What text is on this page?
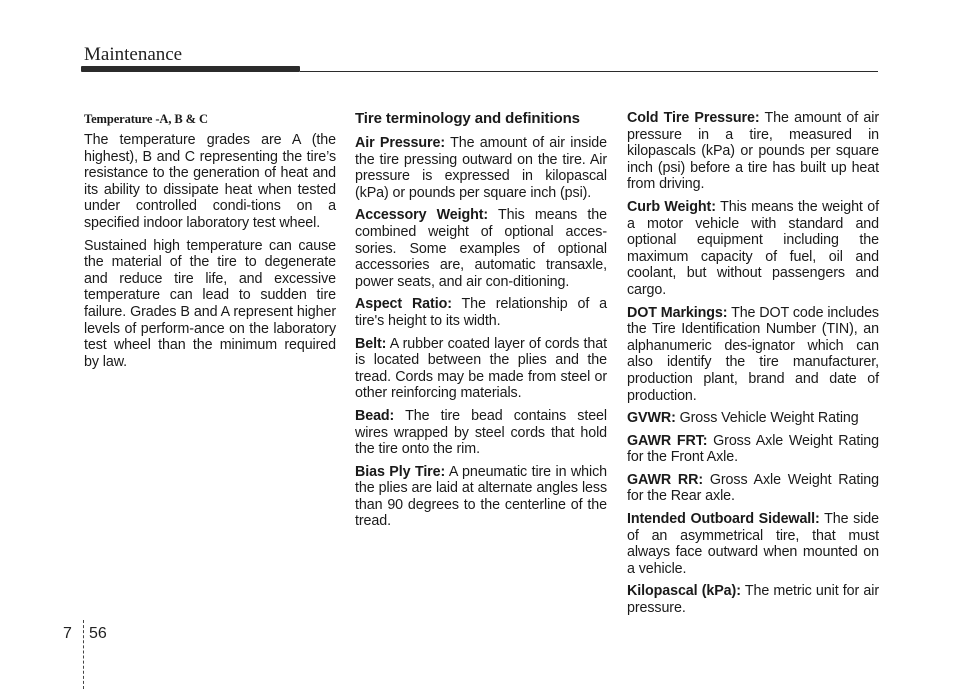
Maintenance
Temperature -A, B & C

The temperature grades are A (the highest), B and C representing the tire’s resistance to the generation of heat and its ability to dissipate heat when tested under controlled condi-tions on a specified indoor laboratory test wheel.

Sustained high temperature can cause the material of the tire to degenerate and reduce tire life, and excessive temperature can lead to sudden tire failure. Grades B and A represent higher levels of perform-ance on the laboratory test wheel than the minimum required by law.

Tire terminology and definitions

Air Pressure: The amount of air inside the tire pressing outward on the tire. Air pressure is expressed in kilopascal (kPa) or pounds per square inch (psi).

Accessory Weight: This means the combined weight of optional acces-sories. Some examples of optional accessories are, automatic transaxle, power seats, and air con-ditioning.

Aspect Ratio: The relationship of a tire's height to its width.

Belt: A rubber coated layer of cords that is located between the plies and the tread. Cords may be made from steel or other reinforcing materials.

Bead: The tire bead contains steel wires wrapped by steel cords that hold the tire onto the rim.

Bias Ply Tire: A pneumatic tire in which the plies are laid at alternate angles less than 90 degrees to the centerline of the tread.

Cold Tire Pressure: The amount of air pressure in a tire, measured in kilopascals (kPa) or pounds per square inch (psi) before a tire has built up heat from driving.

Curb Weight: This means the weight of a motor vehicle with standard and optional equipment including the maximum capacity of fuel, oil and coolant, but without passengers and cargo.

DOT Markings: The DOT code includes the Tire Identification Number (TIN), an alphanumeric des-ignator which can also identify the tire manufacturer, production plant, brand and date of production.

GVWR: Gross Vehicle Weight Rating

GAWR FRT: Gross Axle Weight Rating for the Front Axle.

GAWR RR: Gross Axle Weight Rating for the Rear axle.

Intended Outboard Sidewall: The side of an asymmetrical tire, that must always face outward when mounted on a vehicle.

Kilopascal (kPa): The metric unit for air pressure.

7 56
